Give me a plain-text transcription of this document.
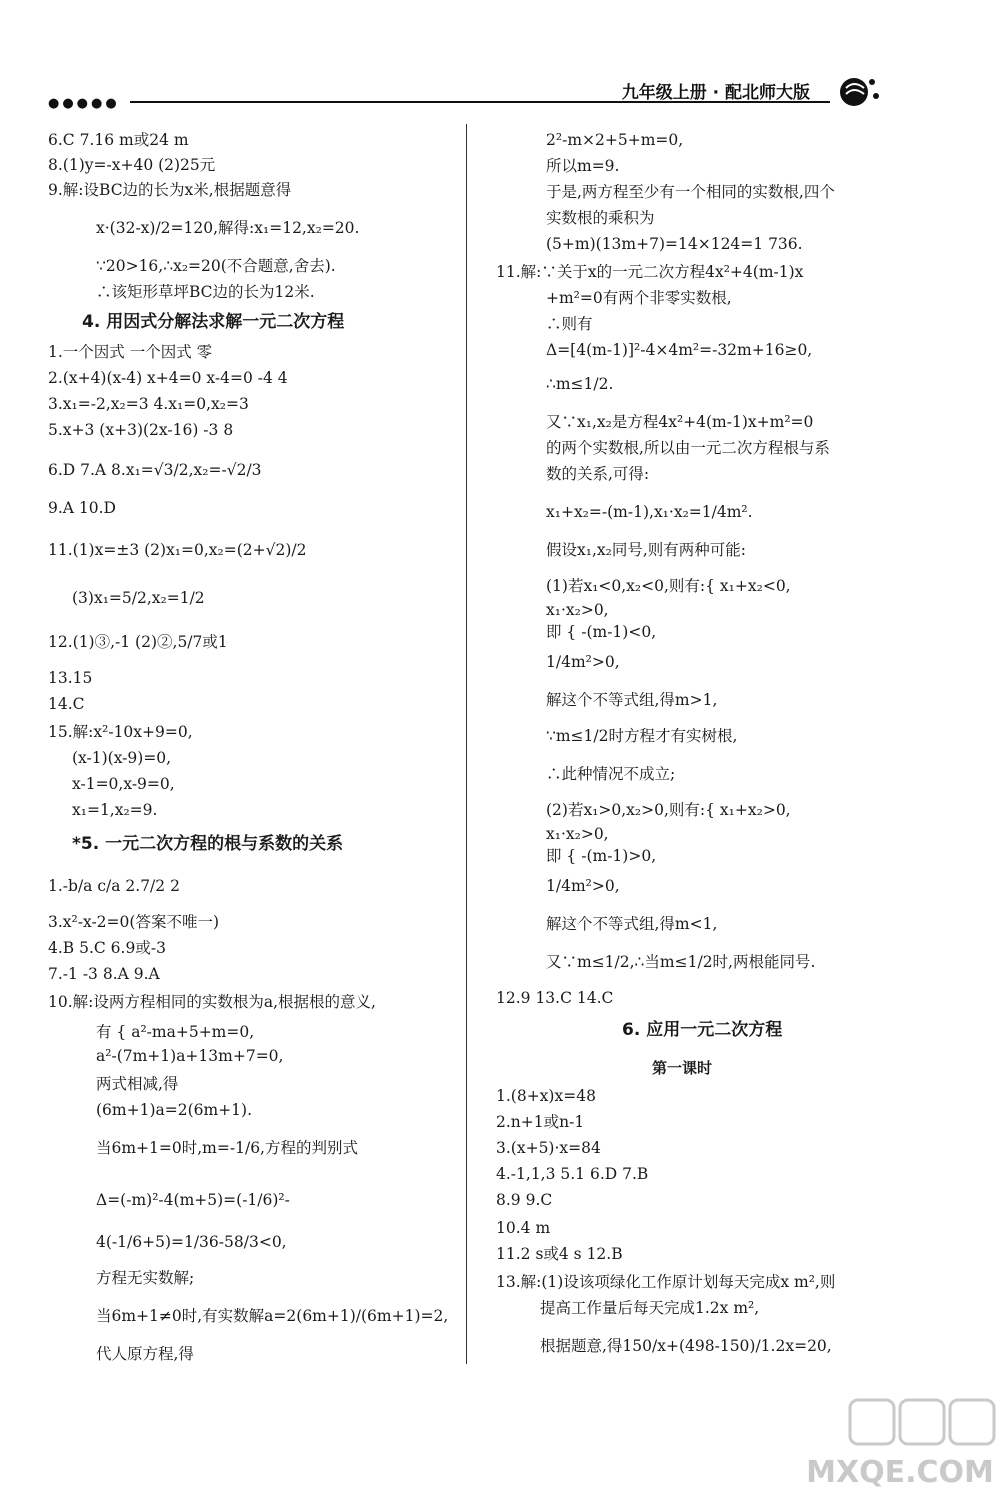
●●●●●
九年级上册 · 配北师大版
6.C 7.16 m或24 m
8.(1)y=-x+40 (2)25元
9.解:设BC边的长为x米,根据题意得
x·(32-x)/2=120,解得:x₁=12,x₂=20.
∵20>16,∴x₂=20(不合题意,舍去).
∴该矩形草坪BC边的长为12米.
4. 用因式分解法求解一元二次方程
1.一个因式 一个因式 零
2.(x+4)(x-4) x+4=0 x-4=0 -4 4
3.x₁=-2,x₂=3 4.x₁=0,x₂=3
5.x+3 (x+3)(2x-16) -3 8
6.D 7.A 8.x₁=√3/2,x₂=-√2/3
9.A 10.D
11.(1)x=±3 (2)x₁=0,x₂=(2+√2)/2
(3)x₁=5/2,x₂=1/2
12.(1)③,-1 (2)②,5/7或1
13.15
14.C
15.解:x²-10x+9=0,
(x-1)(x-9)=0,
x-1=0,x-9=0,
x₁=1,x₂=9.
*5. 一元二次方程的根与系数的关系
1.-b/a c/a 2.7/2 2
3.x²-x-2=0(答案不唯一)
4.B 5.C 6.9或-3
7.-1 -3 8.A 9.A
10.解:设两方程相同的实数根为a,根据根的意义,
有 { a²-ma+5+m=0,
a²-(7m+1)a+13m+7=0,
两式相减,得
(6m+1)a=2(6m+1).
当6m+1=0时,m=-1/6,方程的判别式
Δ=(-m)²-4(m+5)=(-1/6)²-
4(-1/6+5)=1/36-58/3<0,
方程无实数解;
当6m+1≠0时,有实数解a=2(6m+1)/(6m+1)=2,
代人原方程,得
2²-m×2+5+m=0,
所以m=9.
于是,两方程至少有一个相同的实数根,四个
实数根的乘积为
(5+m)(13m+7)=14×124=1 736.
11.解:∵关于x的一元二次方程4x²+4(m-1)x
+m²=0有两个非零实数根,
∴则有
Δ=[4(m-1)]²-4×4m²=-32m+16≥0,
∴m≤1/2.
又∵x₁,x₂是方程4x²+4(m-1)x+m²=0
的两个实数根,所以由一元二次方程根与系
数的关系,可得:
x₁+x₂=-(m-1),x₁·x₂=1/4m².
假设x₁,x₂同号,则有两种可能:
(1)若x₁<0,x₂<0,则有:{ x₁+x₂<0,
x₁·x₂>0,
即 { -(m-1)<0,
1/4m²>0,
解这个不等式组,得m>1,
∵m≤1/2时方程才有实树根,
∴此种情况不成立;
(2)若x₁>0,x₂>0,则有:{ x₁+x₂>0,
x₁·x₂>0,
即 { -(m-1)>0,
1/4m²>0,
解这个不等式组,得m<1,
又∵m≤1/2,∴当m≤1/2时,两根能同号.
12.9 13.C 14.C
6. 应用一元二次方程
第一课时
1.(8+x)x=48
2.n+1或n-1
3.(x+5)·x=84
4.-1,1,3 5.1 6.D 7.B
8.9 9.C
10.4 m
11.2 s或4 s 12.B
13.解:(1)设该项绿化工作原计划每天完成x m²,则
提高工作量后每天完成1.2x m²,
根据题意,得150/x+(498-150)/1.2x=20,
MXQE.COM
